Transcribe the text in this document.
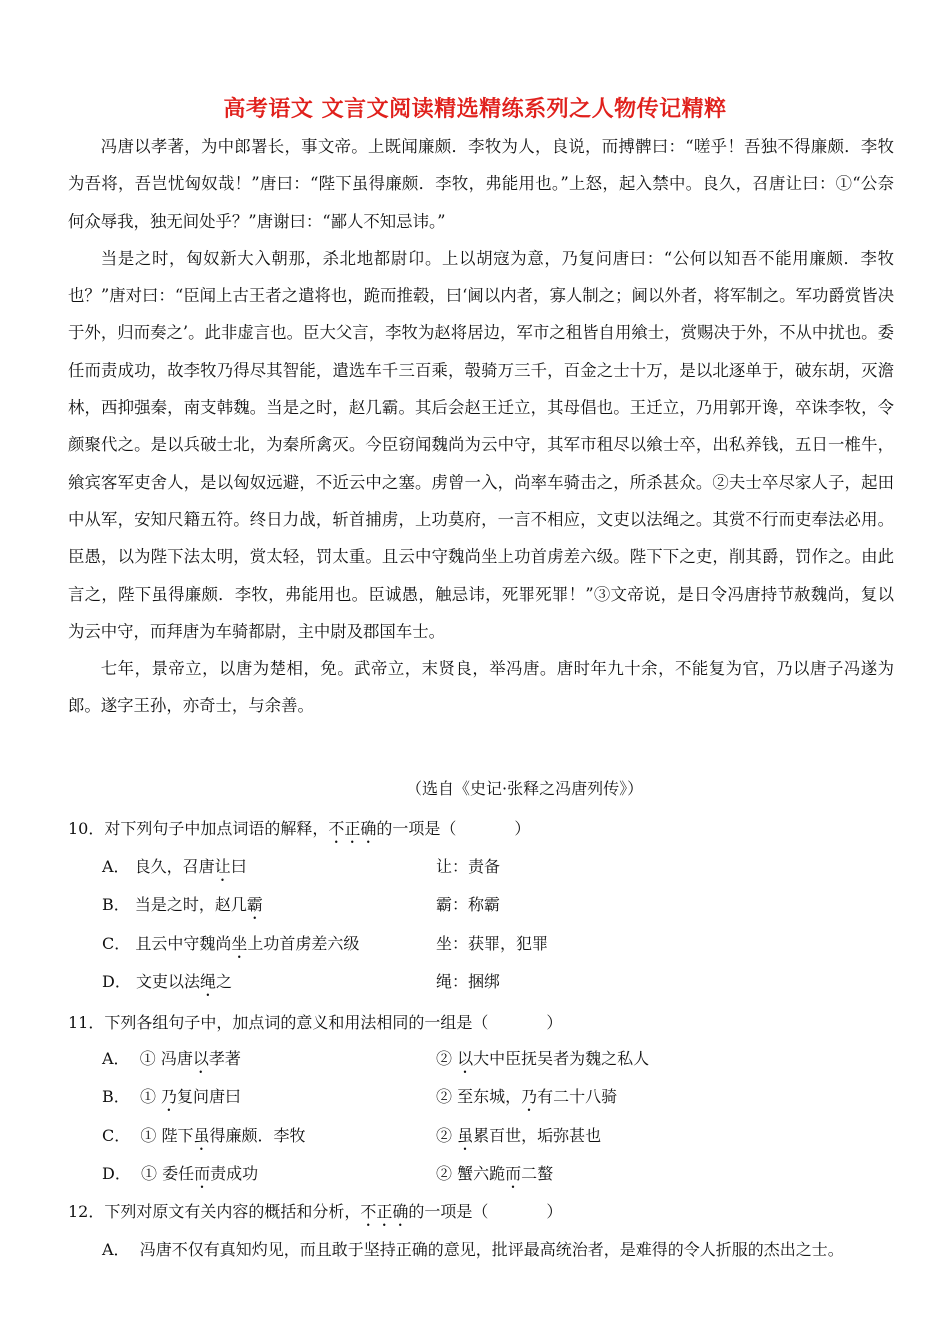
高考语文 文言文阅读精选精练系列之人物传记精粹

冯唐以孝著，为中郎署长，事文帝。上既闻廉颇．李牧为人，良说，而搏髀曰：“嗟乎！吾独不得廉颇．李牧为吾将，吾岂忧匈奴哉！”唐曰：“陛下虽得廉颇．李牧，弗能用也。”上怒，起入禁中。良久，召唐让曰：①“公奈何众辱我，独无间处乎？”唐谢曰：“鄙人不知忌讳。”

当是之时，匈奴新大入朝那，杀北地都尉卬。上以胡寇为意，乃复问唐曰：“公何以知吾不能用廉颇．李牧也？”唐对曰：“臣闻上古王者之遣将也，跪而推毂，曰‘阃以内者，寡人制之；阃以外者，将军制之。军功爵赏皆决于外，归而奏之’。此非虚言也。臣大父言，李牧为赵将居边，军市之租皆自用飨士，赏赐决于外，不从中扰也。委任而责成功，故李牧乃得尽其智能，遣选车千三百乘，彀骑万三千，百金之士十万，是以北逐单于，破东胡，灭澹林，西抑强秦，南支韩魏。当是之时，赵几霸。其后会赵王迁立，其母倡也。王迁立，乃用郭开谗，卒诛李牧，令颜聚代之。是以兵破士北，为秦所禽灭。今臣窃闻魏尚为云中守，其军市租尽以飨士卒，出私养钱，五日一椎牛，飨宾客军吏舍人，是以匈奴远避，不近云中之塞。虏曾一入，尚率车骑击之，所杀甚众。②夫士卒尽家人子，起田中从军，安知尺籍五符。终日力战，斩首捕虏，上功莫府，一言不相应，文吏以法绳之。其赏不行而吏奉法必用。臣愚，以为陛下法太明，赏太轻，罚太重。且云中守魏尚坐上功首虏差六级。陛下下之吏，削其爵，罚作之。由此言之，陛下虽得廉颇．李牧，弗能用也。臣诚愚，触忌讳，死罪死罪！”③文帝说，是日令冯唐持节赦魏尚，复以为云中守，而拜唐为车骑都尉，主中尉及郡国车士。

七年，景帝立，以唐为楚相，免。武帝立，末贤良，举冯唐。唐时年九十余，不能复为官，乃以唐子冯遂为郎。遂字王孙，亦奇士，与余善。

（选自《史记·张释之冯唐列传》）
10．对下列句子中加点词语的解释，不正确的一项是（	）
A． 良久，召唐让曰	让：责备
B． 当是之时，赵几霸	霸：称霸
C． 且云中守魏尚坐上功首虏差六级	坐：获罪，犯罪
D． 文吏以法绳之	绳：捆绑
11．下列各组句子中，加点词的意义和用法相同的一组是（	）
A． ① 冯唐以孝著	② 以大中臣抚吴者为魏之私人
B． ① 乃复问唐曰	② 至东城，乃有二十八骑
C． ① 陛下虽得廉颇．李牧	② 虽累百世，垢弥甚也
D． ① 委任而责成功	② 蟹六跪而二螯
12．下列对原文有关内容的概括和分析，不正确的一项是（	）
A． 冯唐不仅有真知灼见，而且敢于坚持正确的意见，批评最高统治者，是难得的令人折服的杰出之士。
